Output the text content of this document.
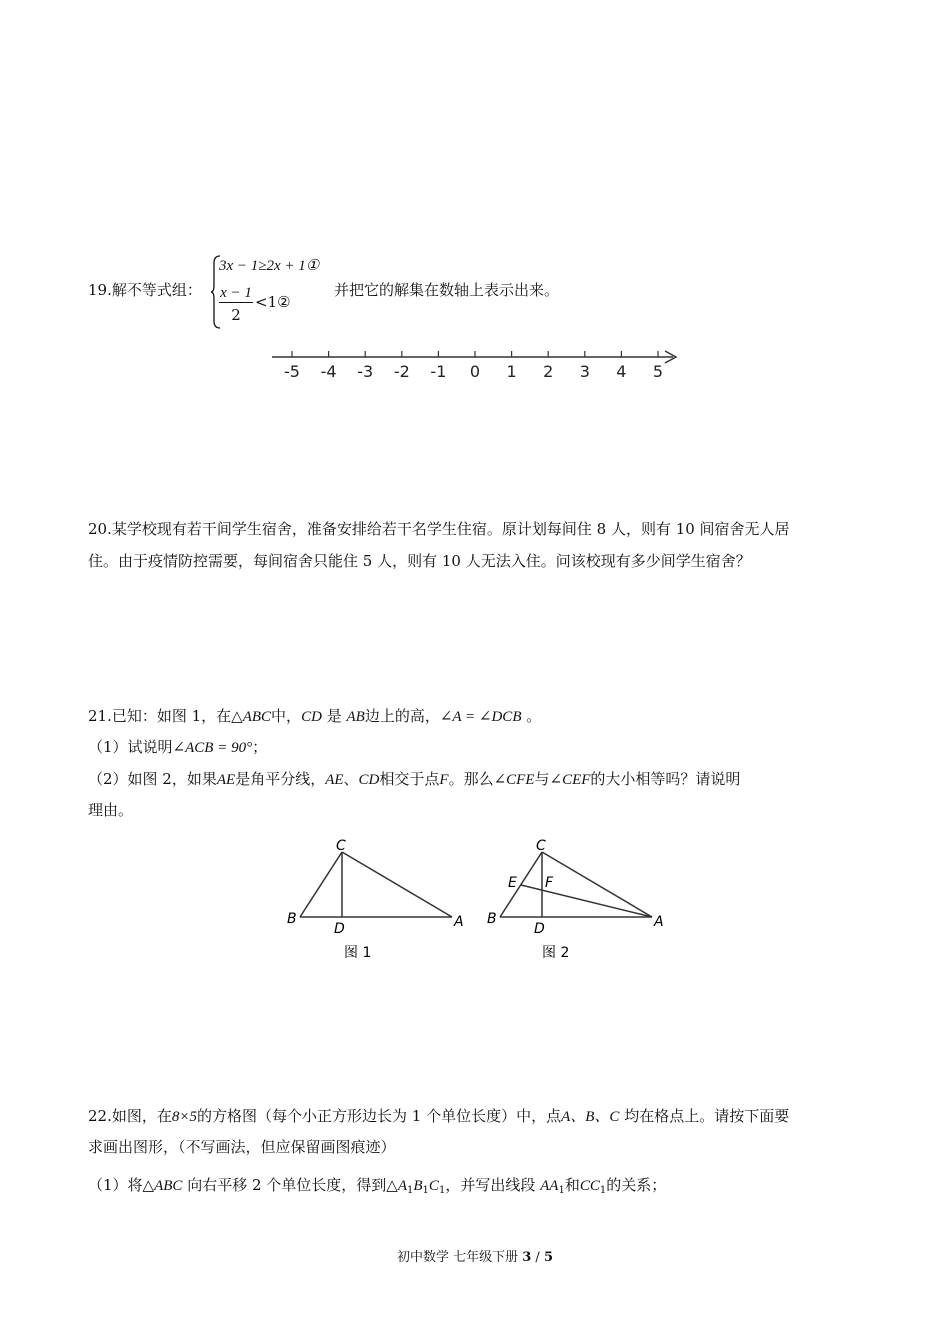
19.解不等式组：
3x − 1≥2x + 1①
x − 1
2
<1②
并把它的解集在数轴上表示出来。
-5 -4 -3 -2 -1 0 1 2 3 4 5
20.某学校现有若干间学生宿舍，准备安排给若干名学生住宿。原计划每间住 8 人，则有 10 间宿舍无人居
住。由于疫情防控需要，每间宿舍只能住 5 人，则有 10 人无法入住。问该校现有多少间学生宿舍？
21.已知：如图 1，在△ABC中，CD 是 AB边上的高，∠A = ∠DCB 。
（1）试说明∠ACB = 90°；
（2）如图 2，如果AE是角平分线，AE、CD相交于点F。那么∠CFE与∠CEF的大小相等吗？请说明
理由。
C
B
D	A
图 1
C
E F
B
D	A
图 2
22.如图，在8×5的方格图（每个小正方形边长为 1 个单位长度）中，点A、B、C 均在格点上。请按下面要
求画出图形，（不写画法，但应保留画图痕迹）
（1）将△ABC 向右平移 2 个单位长度，得到$\triangle A_1B_1C_1$，并写出线段 $AA_1$和$CC_1$的关系；
初中数学 七年级下册 3 / 5
